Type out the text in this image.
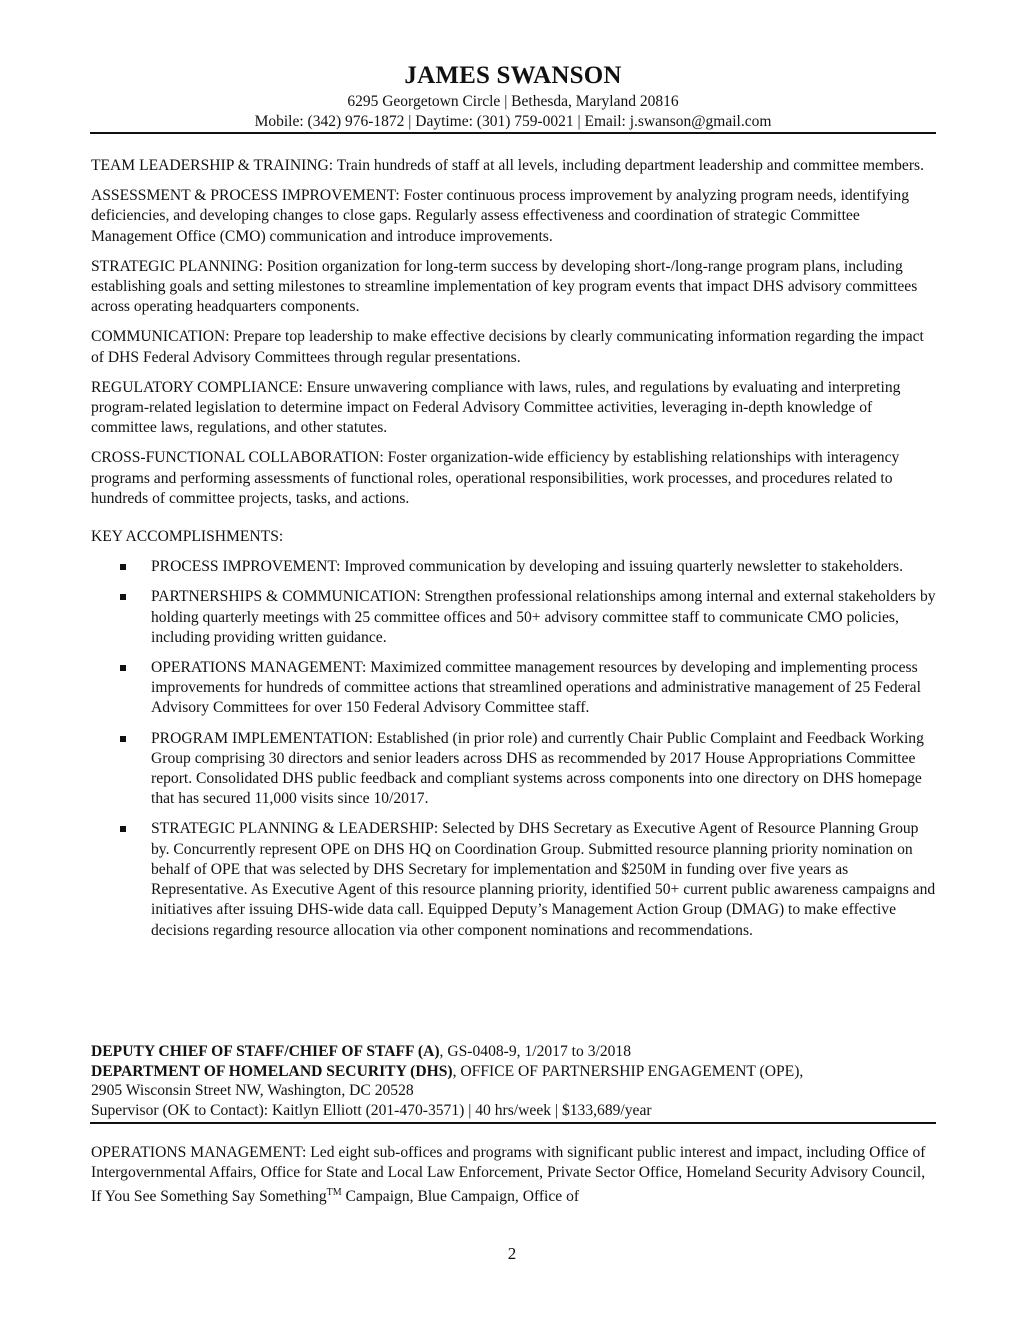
JAMES SWANSON
6295 Georgetown Circle | Bethesda, Maryland 20816
Mobile: (342) 976-1872 | Daytime: (301) 759-0021 | Email: j.swanson@gmail.com

TEAM LEADERSHIP & TRAINING: Train hundreds of staff at all levels, including department leadership and committee members.

ASSESSMENT & PROCESS IMPROVEMENT: Foster continuous process improvement by analyzing program needs, identifying deficiencies, and developing changes to close gaps. Regularly assess effectiveness and coordination of strategic Committee Management Office (CMO) communication and introduce improvements.

STRATEGIC PLANNING: Position organization for long-term success by developing short-/long-range program plans, including establishing goals and setting milestones to streamline implementation of key program events that impact DHS advisory committees across operating headquarters components.

COMMUNICATION: Prepare top leadership to make effective decisions by clearly communicating information regarding the impact of DHS Federal Advisory Committees through regular presentations.

REGULATORY COMPLIANCE: Ensure unwavering compliance with laws, rules, and regulations by evaluating and interpreting program-related legislation to determine impact on Federal Advisory Committee activities, leveraging in-depth knowledge of committee laws, regulations, and other statutes.

CROSS-FUNCTIONAL COLLABORATION: Foster organization-wide efficiency by establishing relationships with interagency programs and performing assessments of functional roles, operational responsibilities, work processes, and procedures related to hundreds of committee projects, tasks, and actions.

KEY ACCOMPLISHMENTS:

PROCESS IMPROVEMENT: Improved communication by developing and issuing quarterly newsletter to stakeholders.
PARTNERSHIPS & COMMUNICATION: Strengthen professional relationships among internal and external stakeholders by holding quarterly meetings with 25 committee offices and 50+ advisory committee staff to communicate CMO policies, including providing written guidance.
OPERATIONS MANAGEMENT: Maximized committee management resources by developing and implementing process improvements for hundreds of committee actions that streamlined operations and administrative management of 25 Federal Advisory Committees for over 150 Federal Advisory Committee staff.
PROGRAM IMPLEMENTATION: Established (in prior role) and currently Chair Public Complaint and Feedback Working Group comprising 30 directors and senior leaders across DHS as recommended by 2017 House Appropriations Committee report. Consolidated DHS public feedback and compliant systems across components into one directory on DHS homepage that has secured 11,000 visits since 10/2017.
STRATEGIC PLANNING & LEADERSHIP: Selected by DHS Secretary as Executive Agent of Resource Planning Group by. Concurrently represent OPE on DHS HQ on Coordination Group. Submitted resource planning priority nomination on behalf of OPE that was selected by DHS Secretary for implementation and $250M in funding over five years as Representative. As Executive Agent of this resource planning priority, identified 50+ current public awareness campaigns and initiatives after issuing DHS-wide data call. Equipped Deputy’s Management Action Group (DMAG) to make effective decisions regarding resource allocation via other component nominations and recommendations.
DEPUTY CHIEF OF STAFF/CHIEF OF STAFF (A), GS-0408-9, 1/2017 to 3/2018
DEPARTMENT OF HOMELAND SECURITY (DHS), OFFICE OF PARTNERSHIP ENGAGEMENT (OPE),
2905 Wisconsin Street NW, Washington, DC 20528
Supervisor (OK to Contact): Kaitlyn Elliott (201-470-3571) | 40 hrs/week | $133,689/year
OPERATIONS MANAGEMENT: Led eight sub-offices and programs with significant public interest and impact, including Office of Intergovernmental Affairs, Office for State and Local Law Enforcement, Private Sector Office, Homeland Security Advisory Council, If You See Something Say Something™ Campaign, Blue Campaign, Office of
2
